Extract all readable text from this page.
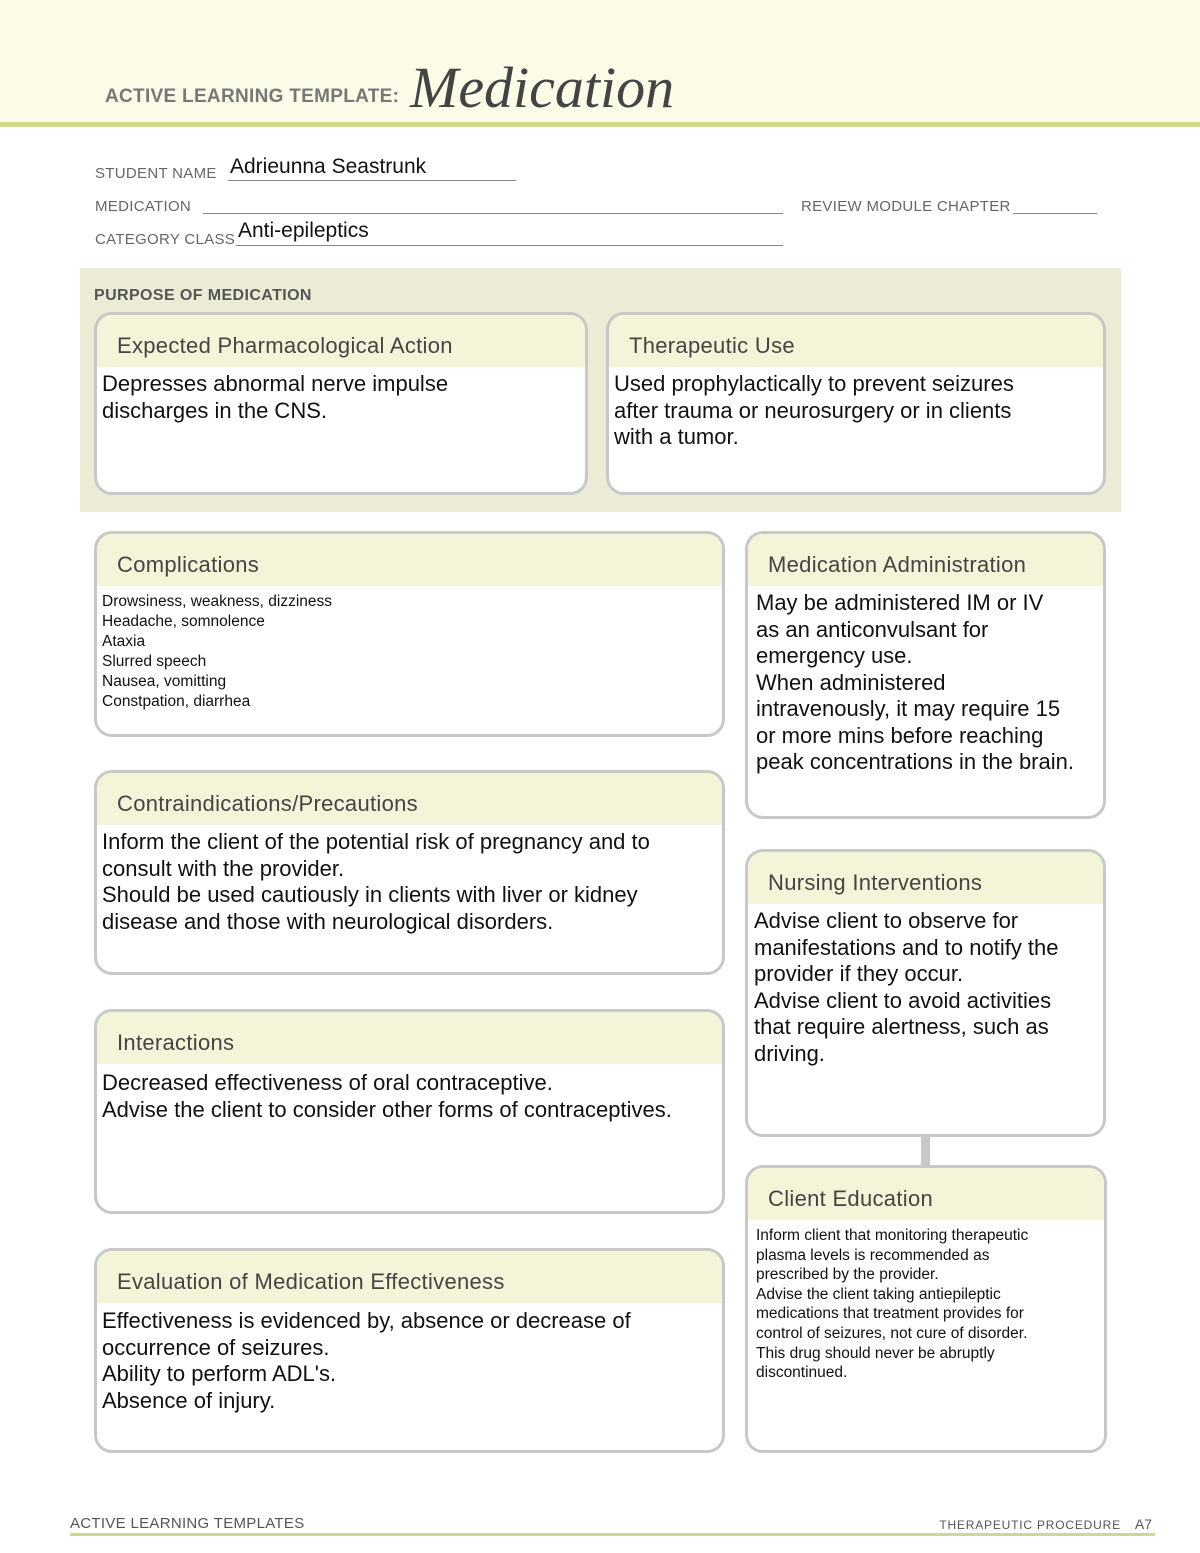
ACTIVE LEARNING TEMPLATE: Medication
STUDENT NAME Adrieunna Seastrunk
MEDICATION	REVIEW MODULE CHAPTER
CATEGORY CLASS Anti-epileptics
PURPOSE OF MEDICATION
Expected Pharmacological Action
Depresses abnormal nerve impulse
discharges in the CNS.
Therapeutic Use
Used prophylactically to prevent seizures
after trauma or neurosurgery or in clients
with a tumor.
Complications
Drowsiness, weakness, dizziness
Headache, somnolence
Ataxia
Slurred speech
Nausea, vomitting
Constpation, diarrhea
Contraindications/Precautions
Inform the client of the potential risk of pregnancy and to
consult with the provider.
Should be used cautiously in clients with liver or kidney
disease and those with neurological disorders.
Interactions
Decreased effectiveness of oral contraceptive.
Advise the client to consider other forms of contraceptives.
Evaluation of Medication Effectiveness
Effectiveness is evidenced by, absence or decrease of
occurrence of seizures.
Ability to perform ADL's.
Absence of injury.
Medication Administration
May be administered IM or IV
as an anticonvulsant for
emergency use.
When administered
intravenously, it may require 15
or more mins before reaching
peak concentrations in the brain.
Nursing Interventions
Advise client to observe for
manifestations and to notify the
provider if they occur.
Advise client to avoid activities
that require alertness, such as
driving.
Client Education
Inform client that monitoring therapeutic
plasma levels is recommended as
prescribed by the provider.
Advise the client taking antiepileptic
medications that treatment provides for
control of seizures, not cure of disorder.
This drug should never be abruptly
discontinued.
ACTIVE LEARNING TEMPLATES	THERAPEUTIC PROCEDURE A7
